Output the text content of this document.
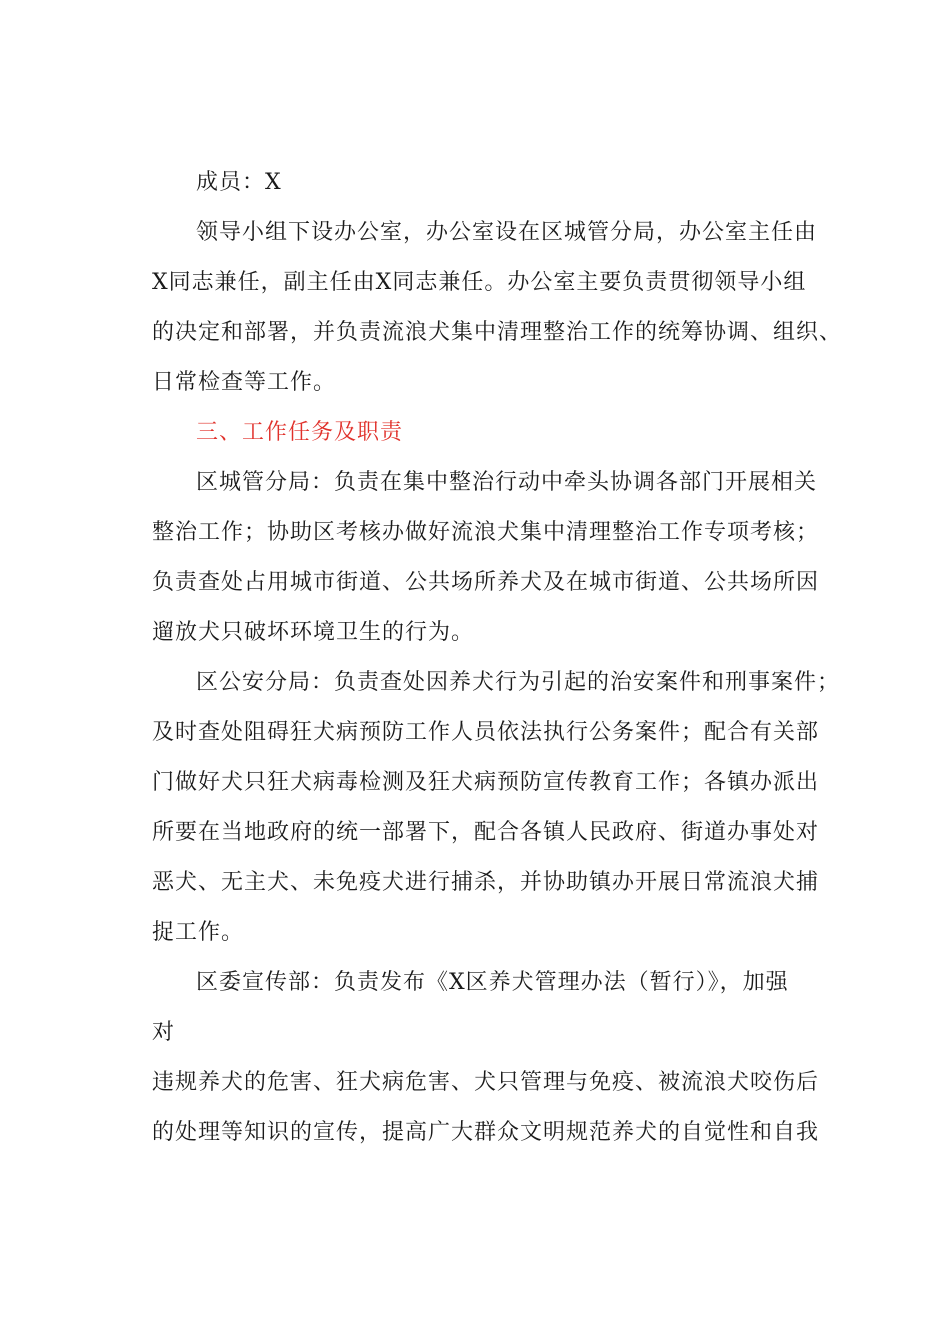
成员：X
领导小组下设办公室，办公室设在区城管分局，办公室主任由
X同志兼任，副主任由X同志兼任。办公室主要负责贯彻领导小组
的决定和部署，并负责流浪犬集中清理整治工作的统筹协调、组织、
日常检查等工作。
三、工作任务及职责
区城管分局：负责在集中整治行动中牵头协调各部门开展相关
整治工作；协助区考核办做好流浪犬集中清理整治工作专项考核；
负责查处占用城市街道、公共场所养犬及在城市街道、公共场所因
遛放犬只破坏环境卫生的行为。
区公安分局：负责查处因养犬行为引起的治安案件和刑事案件；
及时查处阻碍狂犬病预防工作人员依法执行公务案件；配合有关部
门做好犬只狂犬病毒检测及狂犬病预防宣传教育工作；各镇办派出
所要在当地政府的统一部署下，配合各镇人民政府、街道办事处对
恶犬、无主犬、未免疫犬进行捕杀，并协助镇办开展日常流浪犬捕
捉工作。
区委宣传部：负责发布《X区养犬管理办法（暂行）》，加强
对
违规养犬的危害、狂犬病危害、犬只管理与免疫、被流浪犬咬伤后
的处理等知识的宣传，提高广大群众文明规范养犬的自觉性和自我
